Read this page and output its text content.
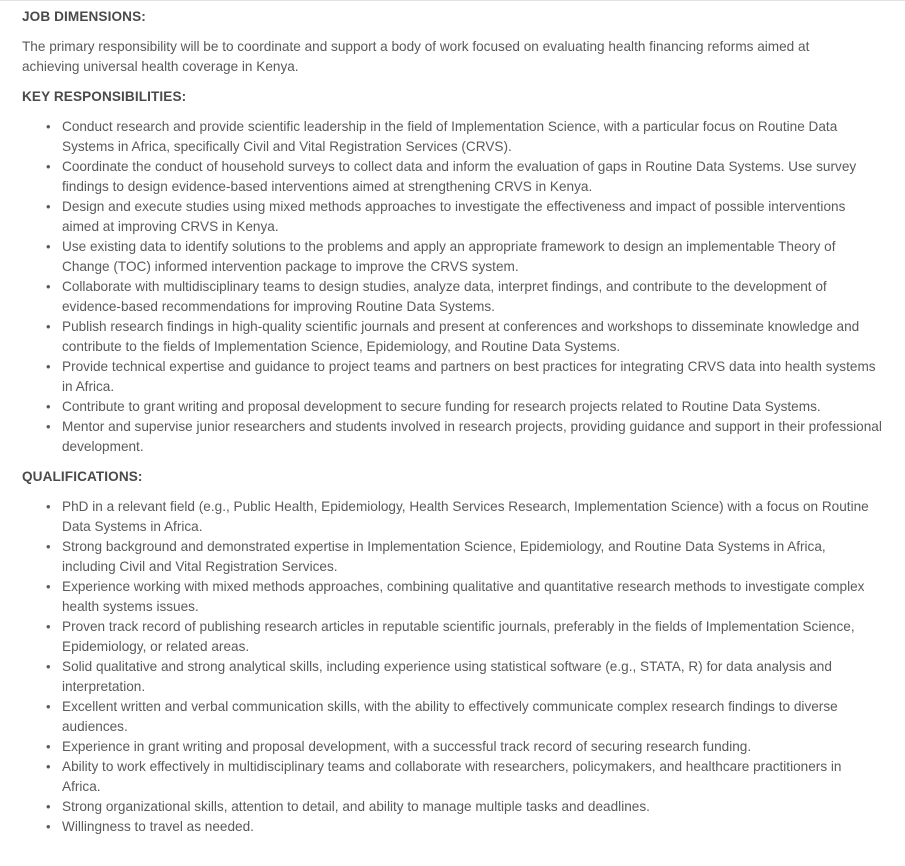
JOB DIMENSIONS:

The primary responsibility will be to coordinate and support a body of work focused on evaluating health financing reforms aimed at achieving universal health coverage in Kenya.

KEY RESPONSIBILITIES:
• Conduct research and provide scientific leadership in the field of Implementation Science, with a particular focus on Routine Data Systems in Africa, specifically Civil and Vital Registration Services (CRVS).
• Coordinate the conduct of household surveys to collect data and inform the evaluation of gaps in Routine Data Systems. Use survey findings to design evidence-based interventions aimed at strengthening CRVS in Kenya.
• Design and execute studies using mixed methods approaches to investigate the effectiveness and impact of possible interventions aimed at improving CRVS in Kenya.
• Use existing data to identify solutions to the problems and apply an appropriate framework to design an implementable Theory of Change (TOC) informed intervention package to improve the CRVS system.
• Collaborate with multidisciplinary teams to design studies, analyze data, interpret findings, and contribute to the development of evidence-based recommendations for improving Routine Data Systems.
• Publish research findings in high-quality scientific journals and present at conferences and workshops to disseminate knowledge and contribute to the fields of Implementation Science, Epidemiology, and Routine Data Systems.
• Provide technical expertise and guidance to project teams and partners on best practices for integrating CRVS data into health systems in Africa.
• Contribute to grant writing and proposal development to secure funding for research projects related to Routine Data Systems.
• Mentor and supervise junior researchers and students involved in research projects, providing guidance and support in their professional development.
QUALIFICATIONS:
• PhD in a relevant field (e.g., Public Health, Epidemiology, Health Services Research, Implementation Science) with a focus on Routine Data Systems in Africa.
• Strong background and demonstrated expertise in Implementation Science, Epidemiology, and Routine Data Systems in Africa, including Civil and Vital Registration Services.
• Experience working with mixed methods approaches, combining qualitative and quantitative research methods to investigate complex health systems issues.
• Proven track record of publishing research articles in reputable scientific journals, preferably in the fields of Implementation Science, Epidemiology, or related areas.
• Solid qualitative and strong analytical skills, including experience using statistical software (e.g., STATA, R) for data analysis and interpretation.
• Excellent written and verbal communication skills, with the ability to effectively communicate complex research findings to diverse audiences.
• Experience in grant writing and proposal development, with a successful track record of securing research funding.
• Ability to work effectively in multidisciplinary teams and collaborate with researchers, policymakers, and healthcare practitioners in Africa.
• Strong organizational skills, attention to detail, and ability to manage multiple tasks and deadlines.
• Willingness to travel as needed.
